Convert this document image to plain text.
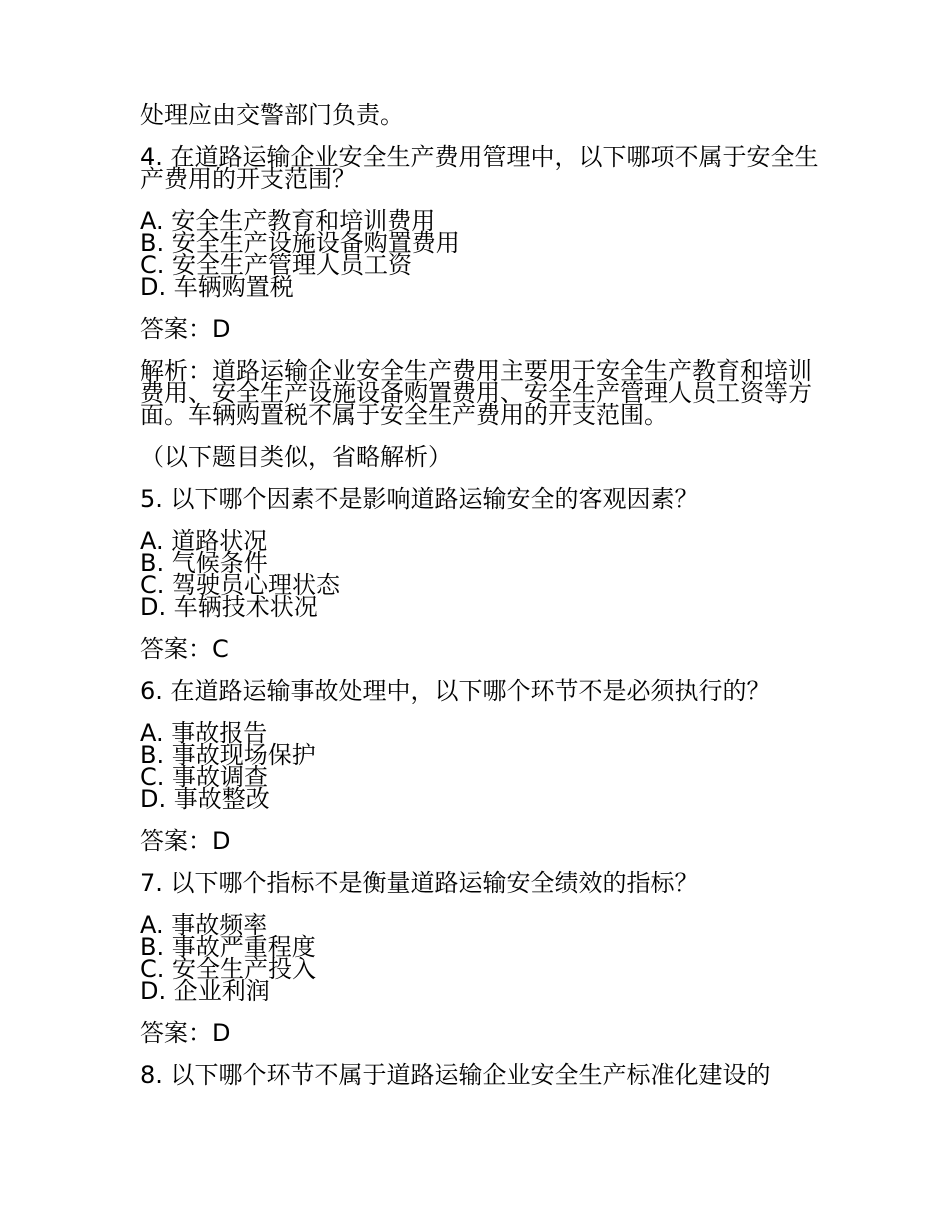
处理应由交警部门负责。

4. 在道路运输企业安全生产费用管理中，以下哪项不属于安全生产费用的开支范围？

A. 安全生产教育和培训费用

B. 安全生产设施设备购置费用

C. 安全生产管理人员工资

D. 车辆购置税

答案：D

解析：道路运输企业安全生产费用主要用于安全生产教育和培训费用、安全生产设施设备购置费用、安全生产管理人员工资等方面。车辆购置税不属于安全生产费用的开支范围。

（以下题目类似，省略解析）

5. 以下哪个因素不是影响道路运输安全的客观因素？

A. 道路状况

B. 气候条件

C. 驾驶员心理状态

D. 车辆技术状况

答案：C

6. 在道路运输事故处理中，以下哪个环节不是必须执行的？

A. 事故报告

B. 事故现场保护

C. 事故调查

D. 事故整改

答案：D

7. 以下哪个指标不是衡量道路运输安全绩效的指标？

A. 事故频率

B. 事故严重程度

C. 安全生产投入

D. 企业利润

答案：D

8. 以下哪个环节不属于道路运输企业安全生产标准化建设的
